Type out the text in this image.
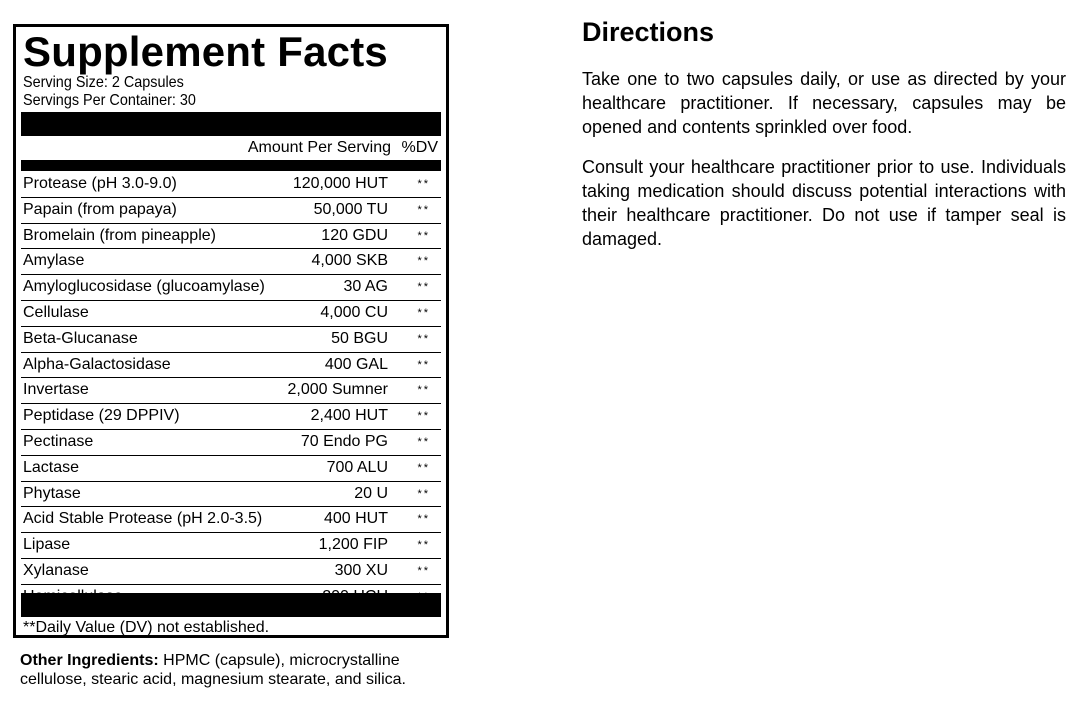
Supplement Facts
Serving Size: 2 Capsules
Servings Per Container: 30
Amount Per Serving %DV
Protease (pH 3.0-9.0)	120,000 HUT	**
Papain (from papaya)	50,000 TU	**
Bromelain (from pineapple)	120 GDU	**
Amylase	4,000 SKB	**
Amyloglucosidase (glucoamylase)	30 AG	**
Cellulase	4,000 CU	**
Beta-Glucanase	50 BGU	**
Alpha-Galactosidase	400 GAL	**
Invertase	2,000 Sumner	**
Peptidase (29 DPPIV)	2,400 HUT	**
Pectinase	70 Endo PG	**
Lactase	700 ALU	**
Phytase	20 U	**
Acid Stable Protease (pH 2.0-3.5)	400 HUT	**
Lipase	1,200 FIP	**
Xylanase	300 XU	**
**Daily Value (DV) not established.
Other Ingredients: HPMC (capsule), microcrystalline cellulose, stearic acid, magnesium stearate, and silica.
Directions

Take one to two capsules daily, or use as directed by your healthcare practitioner. If necessary, capsules may be opened and contents sprinkled over food.

Consult your healthcare practitioner prior to use. Individuals taking medication should discuss potential interactions with their healthcare practitioner. Do not use if tamper seal is damaged.
